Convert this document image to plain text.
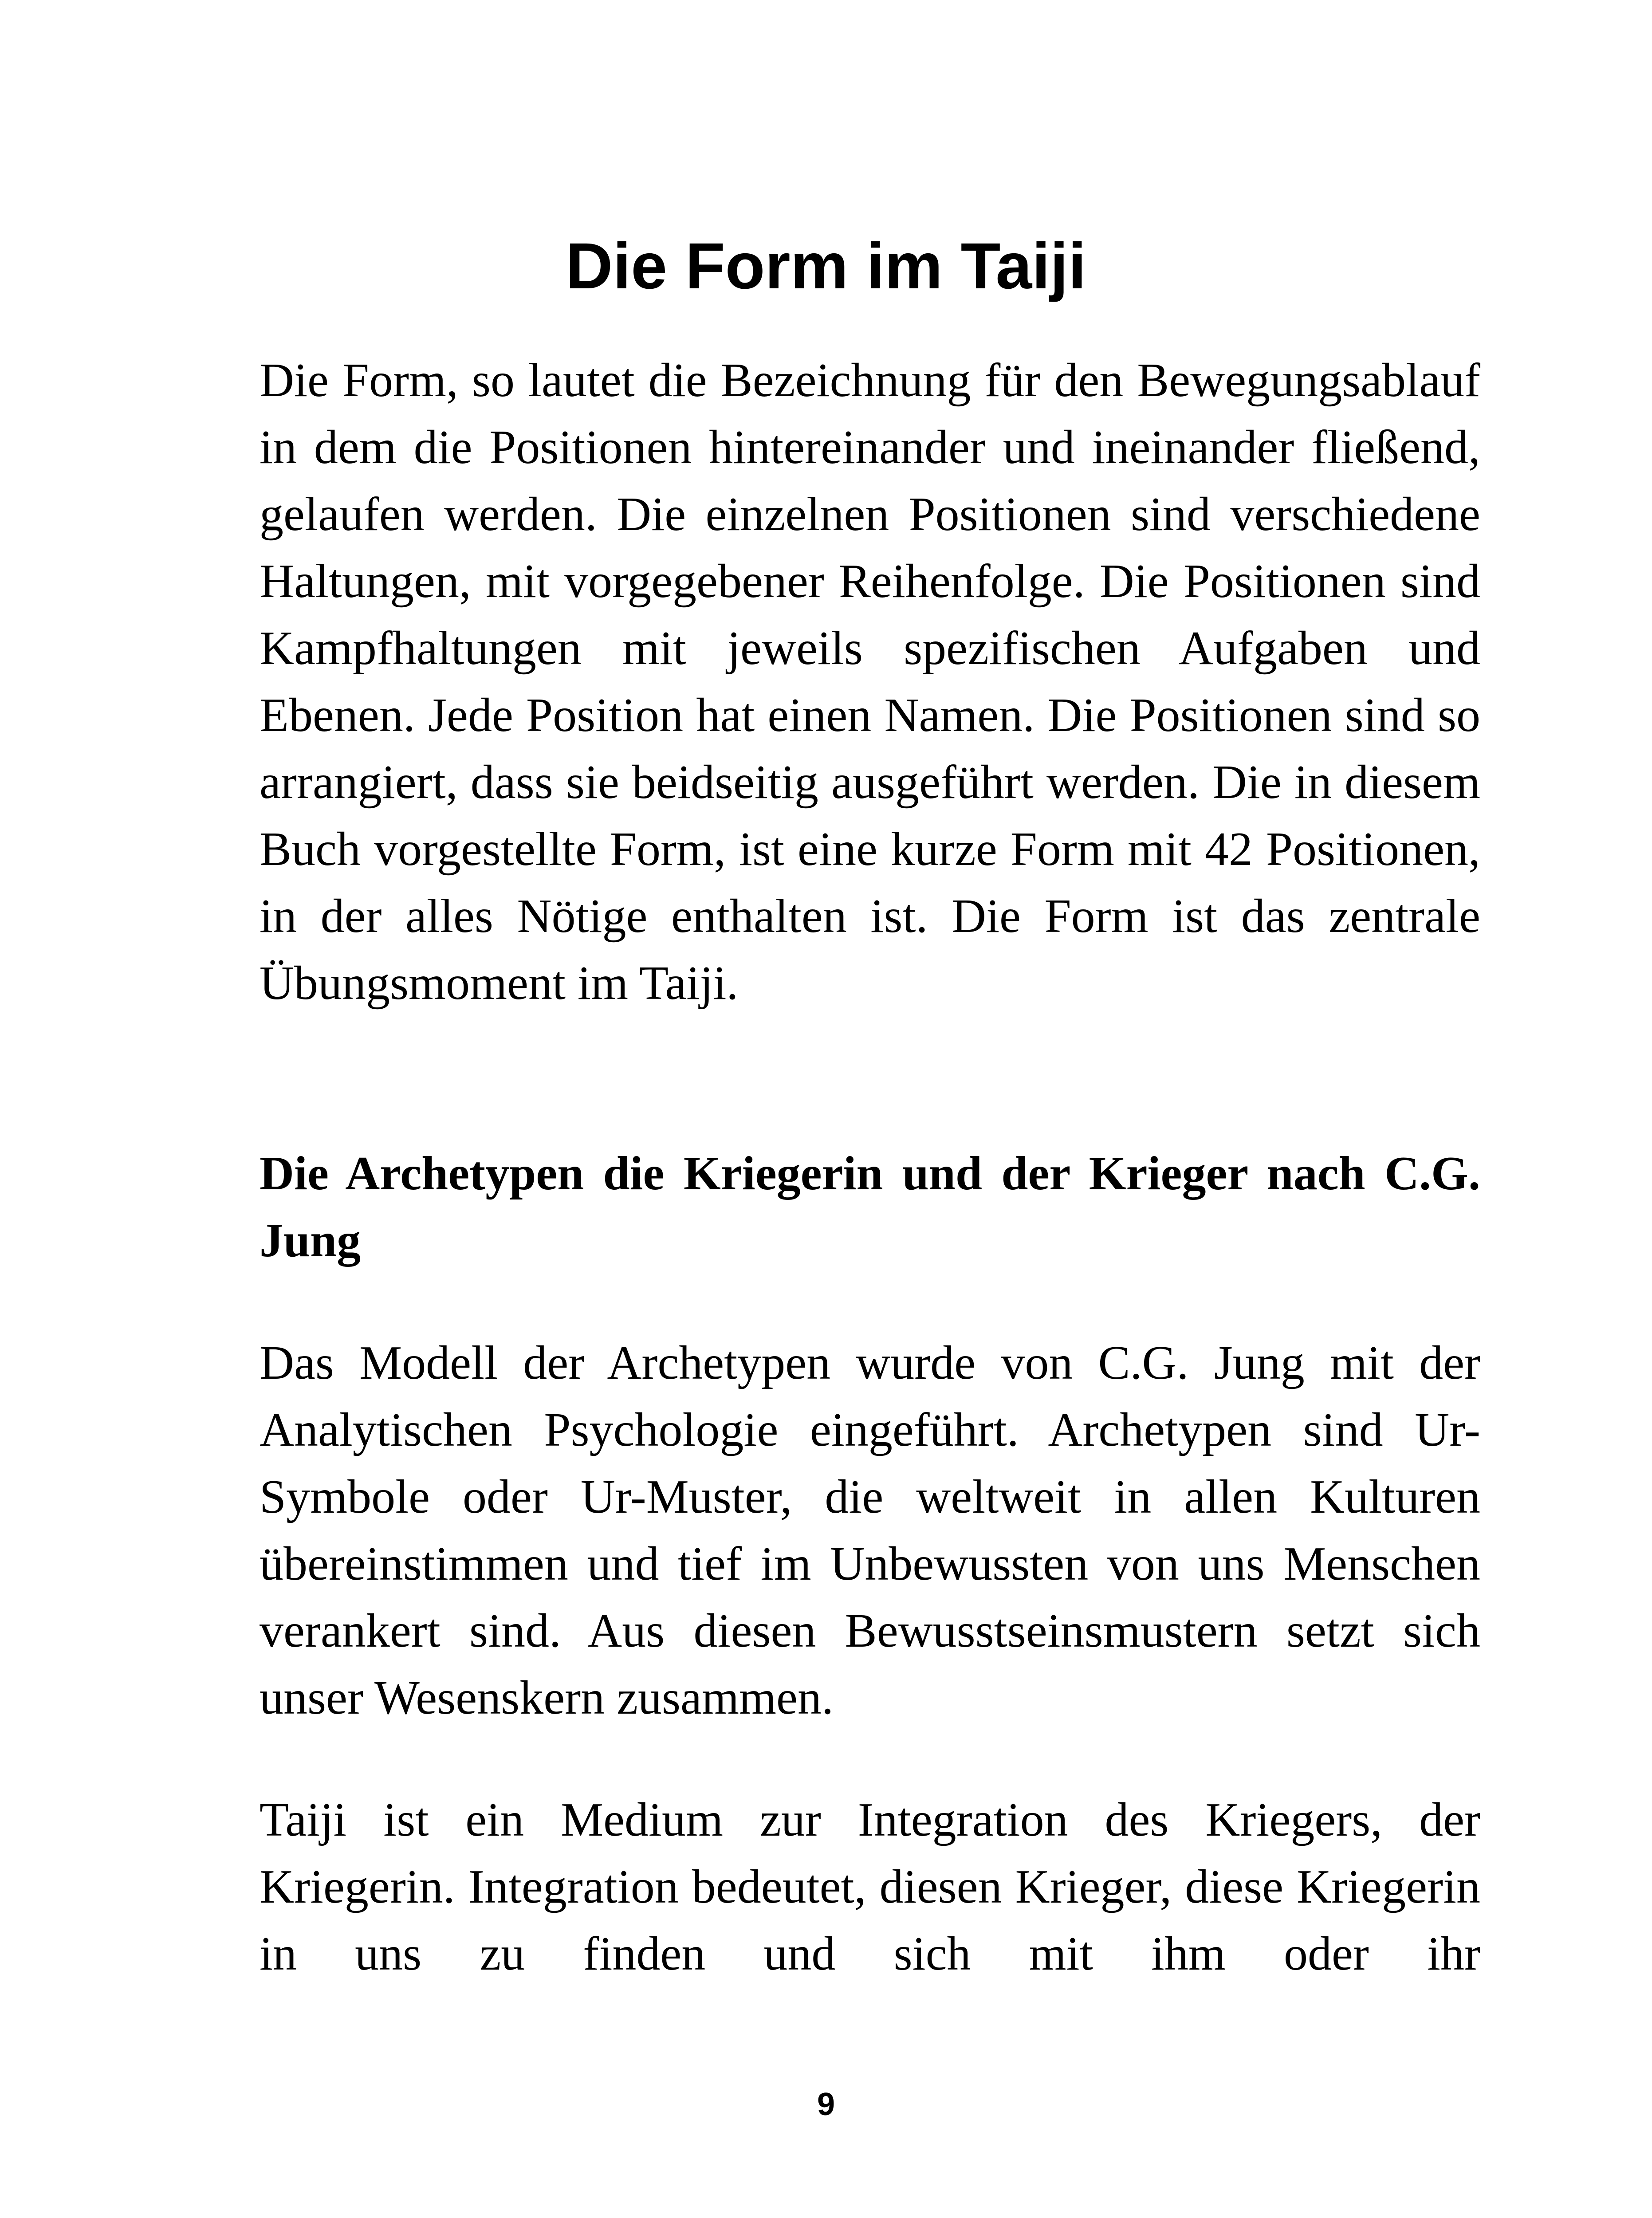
Die Form im Taiji

Die Form, so lautet die Bezeichnung für den Bewegungsablauf in dem die Positionen hintereinander und ineinander fließend, gelaufen werden. Die einzelnen Positionen sind verschiedene Haltungen, mit vorgegebener Reihenfolge. Die Positionen sind Kampfhaltungen mit jeweils spezifischen Aufgaben und Ebenen. Jede Position hat einen Namen. Die Positionen sind so arrangiert, dass sie beidseitig ausgeführt werden. Die in diesem Buch vorgestellte Form, ist eine kurze Form mit 42 Positionen, in der alles Nötige enthalten ist. Die Form ist das zentrale Übungsmoment im Taiji.

Die Archetypen die Kriegerin und der Krieger nach C.G. Jung

Das Modell der Archetypen wurde von C.G. Jung mit der Analytischen Psychologie eingeführt. Archetypen sind Ur-Symbole oder Ur-Muster, die weltweit in allen Kulturen übereinstimmen und tief im Unbewussten von uns Menschen verankert sind. Aus diesen Bewusstseinsmustern setzt sich unser Wesenskern zusammen.

Taiji ist ein Medium zur Integration des Kriegers, der Kriegerin. Integration bedeutet, diesen Krieger, diese Kriegerin in uns zu finden und sich mit ihm oder ihr

9
